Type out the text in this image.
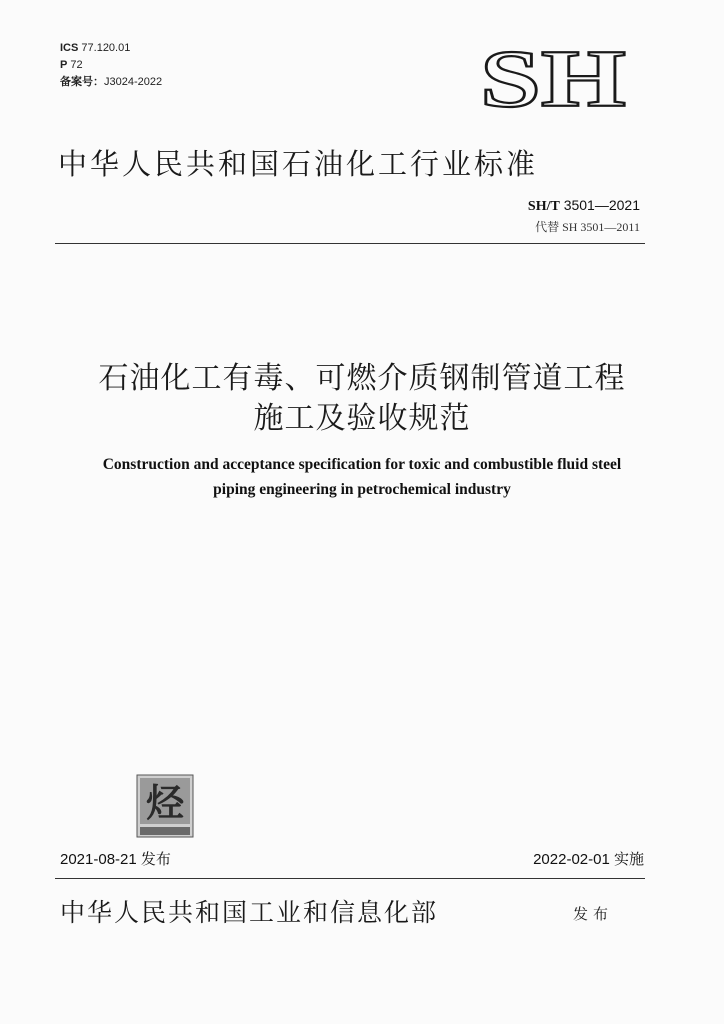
ICS 77.120.01
P 72
备案号：J3024-2022	SH
中华人民共和国石油化工行业标准
SH/T 3501—2021
代替 SH 3501—2011
石油化工有毒、可燃介质钢制管道工程
施工及验收规范
Construction and acceptance specification for toxic and combustible fluid steel
piping engineering in petrochemical industry
烃
2021-08-21 发布	2022-02-01 实施
中华人民共和国工业和信息化部	发布
